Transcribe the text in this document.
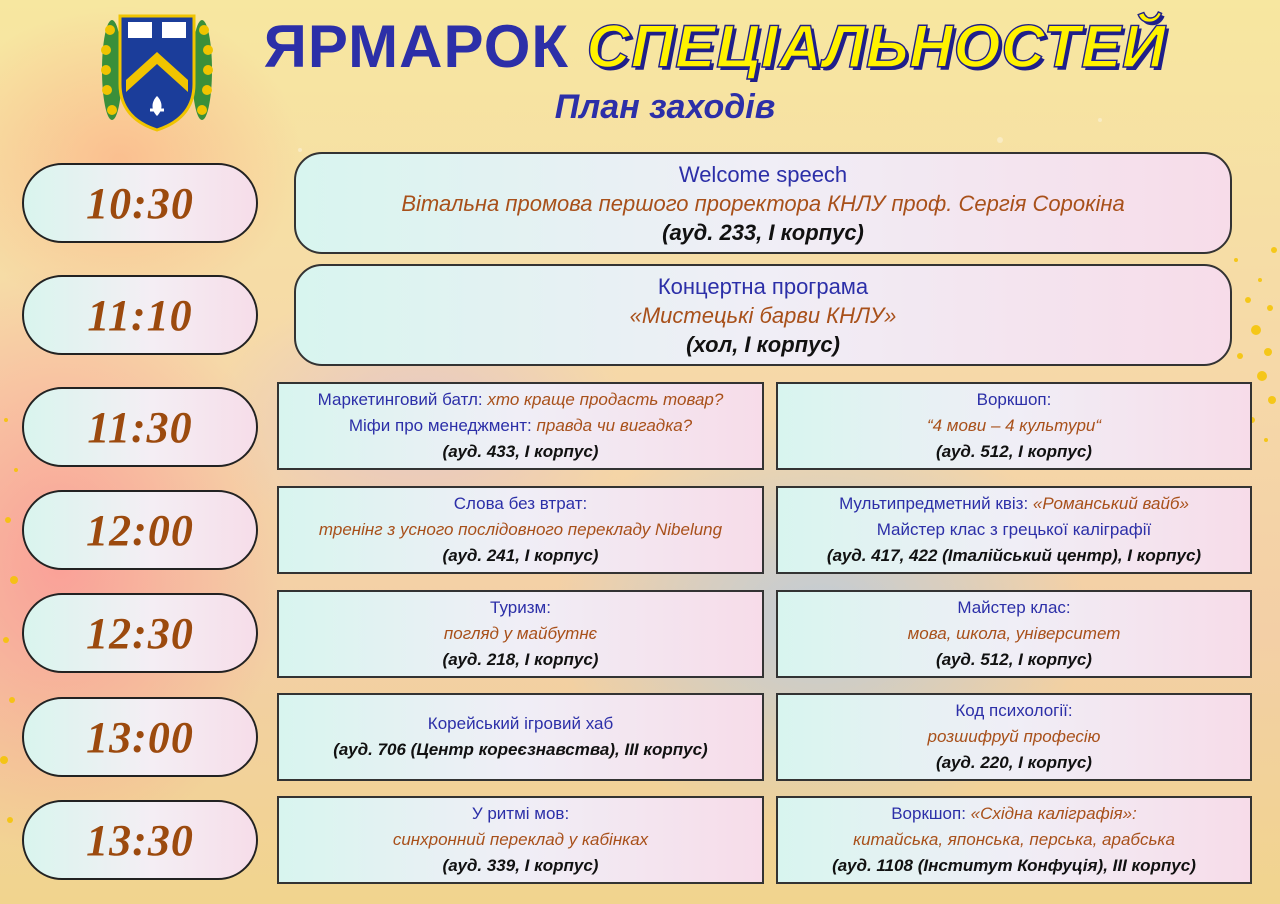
ЯРМАРОК СПЕЦІАЛЬНОСТЕЙ
План заходів
10:30
11:10
11:30
12:00
12:30
13:00
13:30
Welcome speech
Вітальна промова першого проректора КНЛУ проф. Сергія Сорокіна
(ауд. 233, І корпус)
Концертна програма
«Мистецькі барви КНЛУ»
(хол, І корпус)
Маркетинговий батл: хто краще продасть товар?
Міфи про менеджмент: правда чи вигадка?
(ауд. 433, І корпус)
Воркшоп:
“4 мови – 4 культури“
(ауд. 512, І корпус)
Слова без втрат:
тренінг з усного послідовного перекладу Nibelung
(ауд. 241, І корпус)
Мультипредметний квіз: «Романський вайб»
Майстер клас з грецької каліграфії
(ауд. 417, 422 (Італійський центр), І корпус)
Туризм:
погляд у майбутнє
(ауд. 218, І корпус)
Майстер клас:
мова, школа, університет
(ауд. 512, І корпус)
Корейський ігровий хаб
(ауд. 706 (Центр кореєзнавства), ІІІ корпус)
Код психології:
розшифруй професію
(ауд. 220, І корпус)
У ритмі мов:
синхронний переклад у кабінках
(ауд. 339, І корпус)
Воркшоп: «Східна каліграфія»:
китайська, японська, перська, арабська
(ауд. 1108 (Інститут Конфуція), ІІІ корпус)
